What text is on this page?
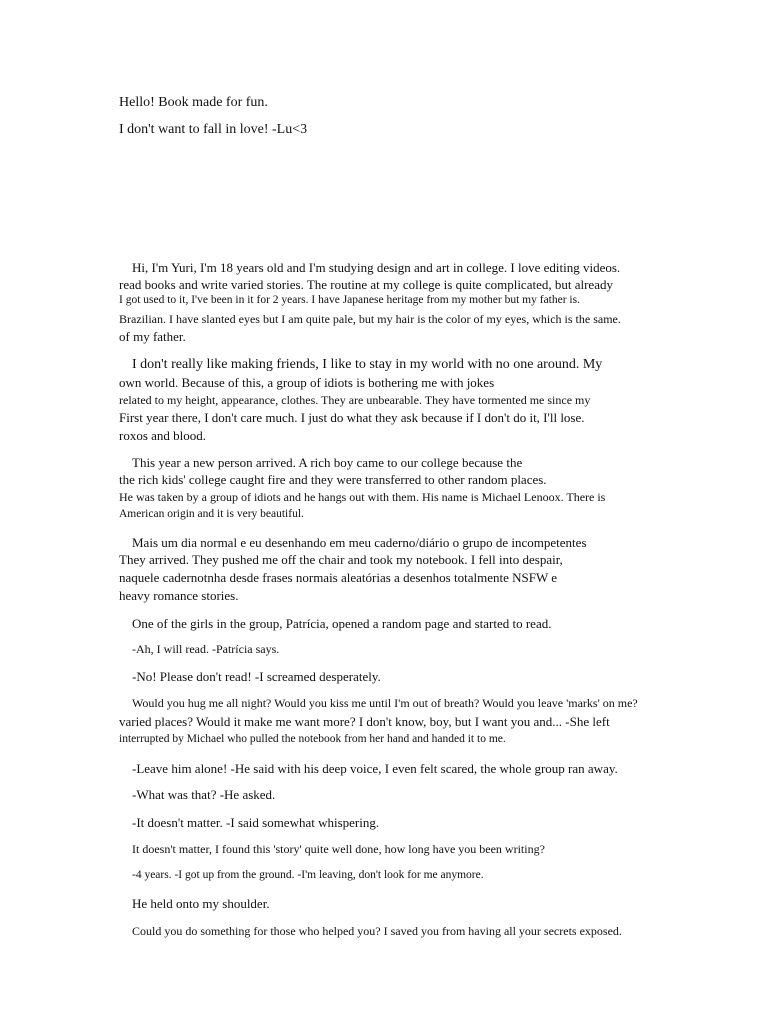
Hello! Book made for fun.
I don't want to fall in love! -Lu<3
Hi, I'm Yuri, I'm 18 years old and I'm studying design and art in college. I love editing videos.
read books and write varied stories. The routine at my college is quite complicated, but already
I got used to it, I've been in it for 2 years. I have Japanese heritage from my mother but my father is.
Brazilian. I have slanted eyes but I am quite pale, but my hair is the color of my eyes, which is the same.
of my father.
I don't really like making friends, I like to stay in my world with no one around. My
own world. Because of this, a group of idiots is bothering me with jokes
related to my height, appearance, clothes. They are unbearable. They have tormented me since my
First year there, I don't care much. I just do what they ask because if I don't do it, I'll lose.
roxos and blood.
This year a new person arrived. A rich boy came to our college because the
the rich kids' college caught fire and they were transferred to other random places.
He was taken by a group of idiots and he hangs out with them. His name is Michael Lenoox. There is
American origin and it is very beautiful.
Mais um dia normal e eu desenhando em meu caderno/diário o grupo de incompetentes
They arrived. They pushed me off the chair and took my notebook. I fell into despair,
naquele cadernotnha desde frases normais aleatórias a desenhos totalmente NSFW e
heavy romance stories.
One of the girls in the group, Patrícia, opened a random page and started to read.
-Ah, I will read. -Patrícia says.
-No! Please don't read! -I screamed desperately.
Would you hug me all night? Would you kiss me until I'm out of breath? Would you leave 'marks' on me?
varied places? Would it make me want more? I don't know, boy, but I want you and... -She left
interrupted by Michael who pulled the notebook from her hand and handed it to me.
-Leave him alone! -He said with his deep voice, I even felt scared, the whole group ran away.
-What was that? -He asked.
-It doesn't matter. -I said somewhat whispering.
It doesn't matter, I found this 'story' quite well done, how long have you been writing?
-4 years. -I got up from the ground. -I'm leaving, don't look for me anymore.
He held onto my shoulder.
Could you do something for those who helped you? I saved you from having all your secrets exposed.
